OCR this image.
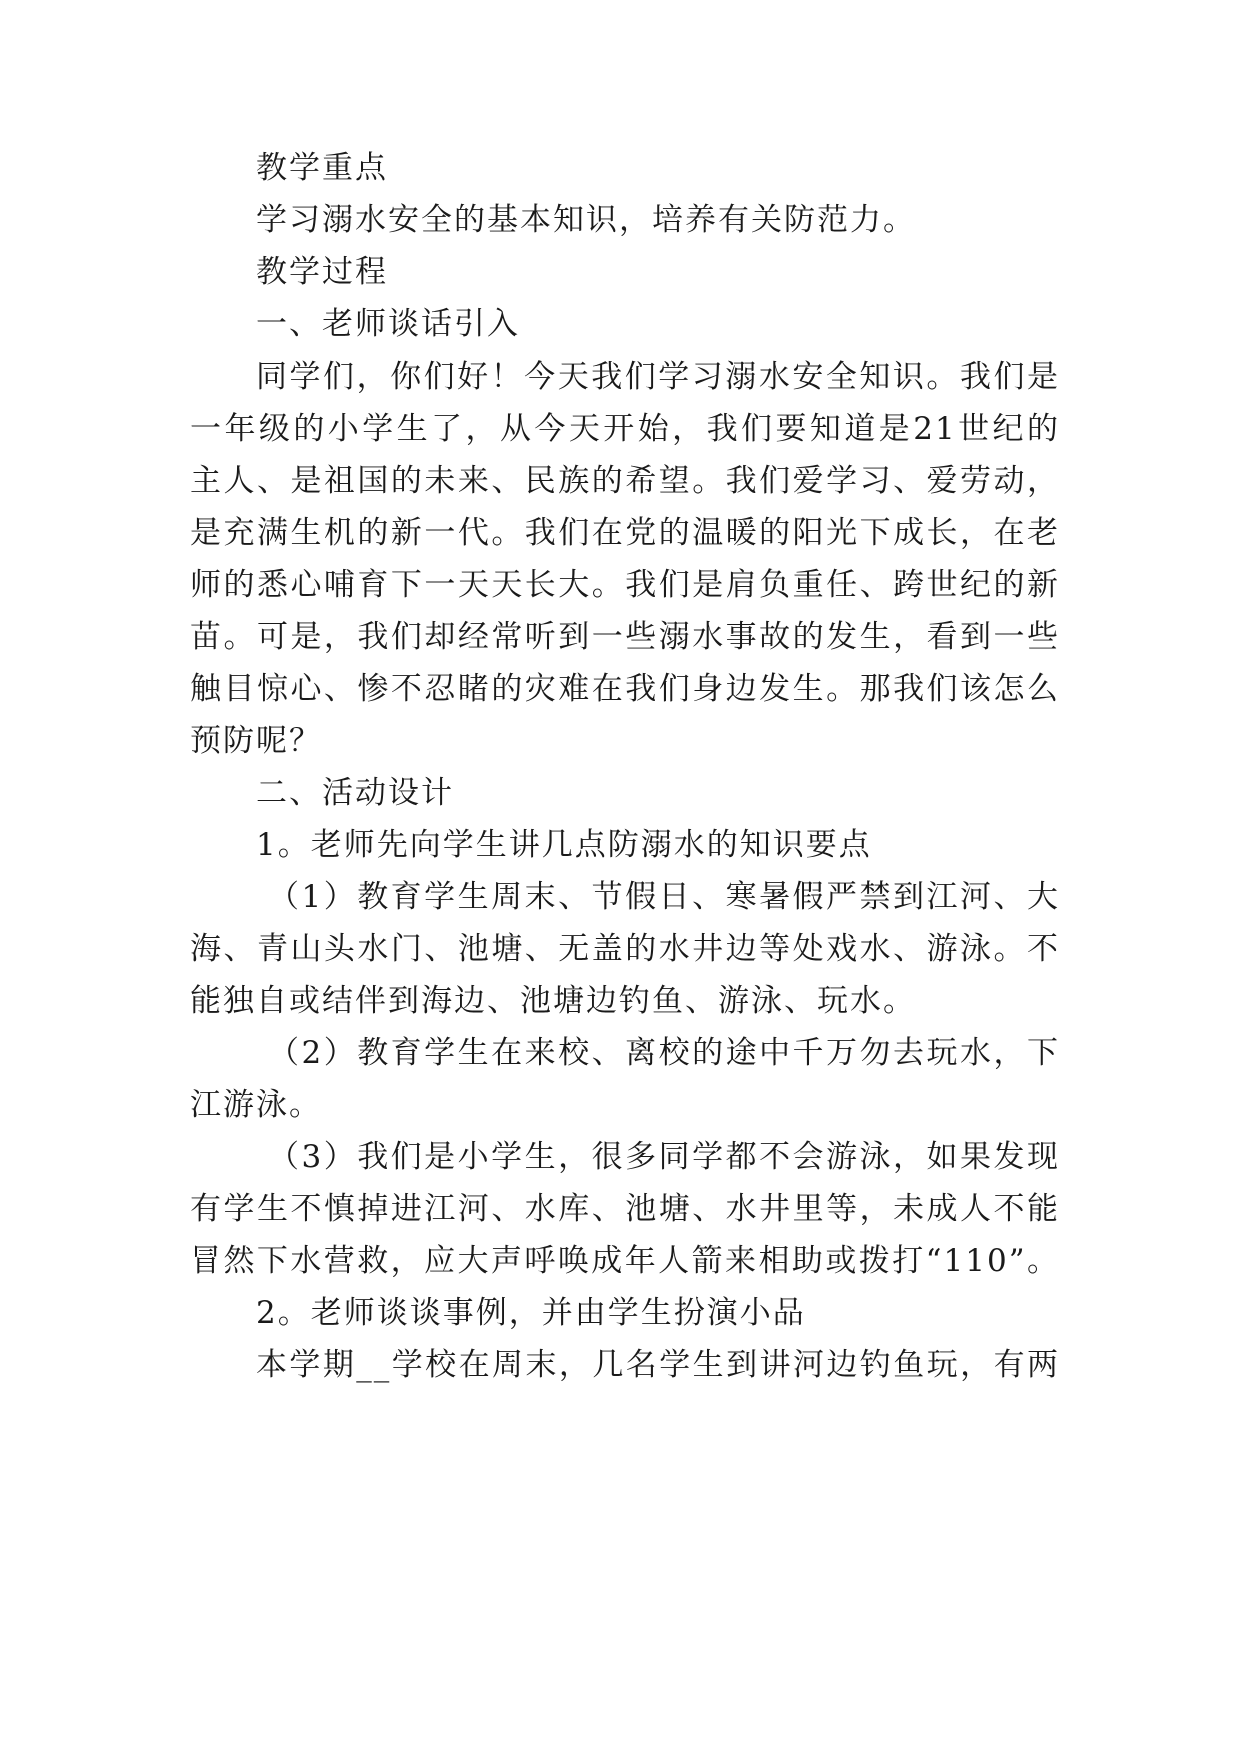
教学重点
学习溺水安全的基本知识，培养有关防范力。
教学过程
一、老师谈话引入
同学们，你们好！今天我们学习溺水安全知识。我们是
一年级的小学生了，从今天开始，我们要知道是21世纪的
主人、是祖国的未来、民族的希望。我们爱学习、爱劳动，
是充满生机的新一代。我们在党的温暖的阳光下成长，在老
师的悉心哺育下一天天长大。我们是肩负重任、跨世纪的新
苗。可是，我们却经常听到一些溺水事故的发生，看到一些
触目惊心、惨不忍睹的灾难在我们身边发生。那我们该怎么
预防呢？
二、活动设计
1。老师先向学生讲几点防溺水的知识要点
（1）教育学生周末、节假日、寒暑假严禁到江河、大
海、青山头水门、池塘、无盖的水井边等处戏水、游泳。不
能独自或结伴到海边、池塘边钓鱼、游泳、玩水。
（2）教育学生在来校、离校的途中千万勿去玩水，下
江游泳。
（3）我们是小学生，很多同学都不会游泳，如果发现
有学生不慎掉进江河、水库、池塘、水井里等，未成人不能
冒然下水营救，应大声呼唤成年人箭来相助或拨打“110”。
2。老师谈谈事例，并由学生扮演小品
本学期__学校在周末，几名学生到讲河边钓鱼玩，有两
